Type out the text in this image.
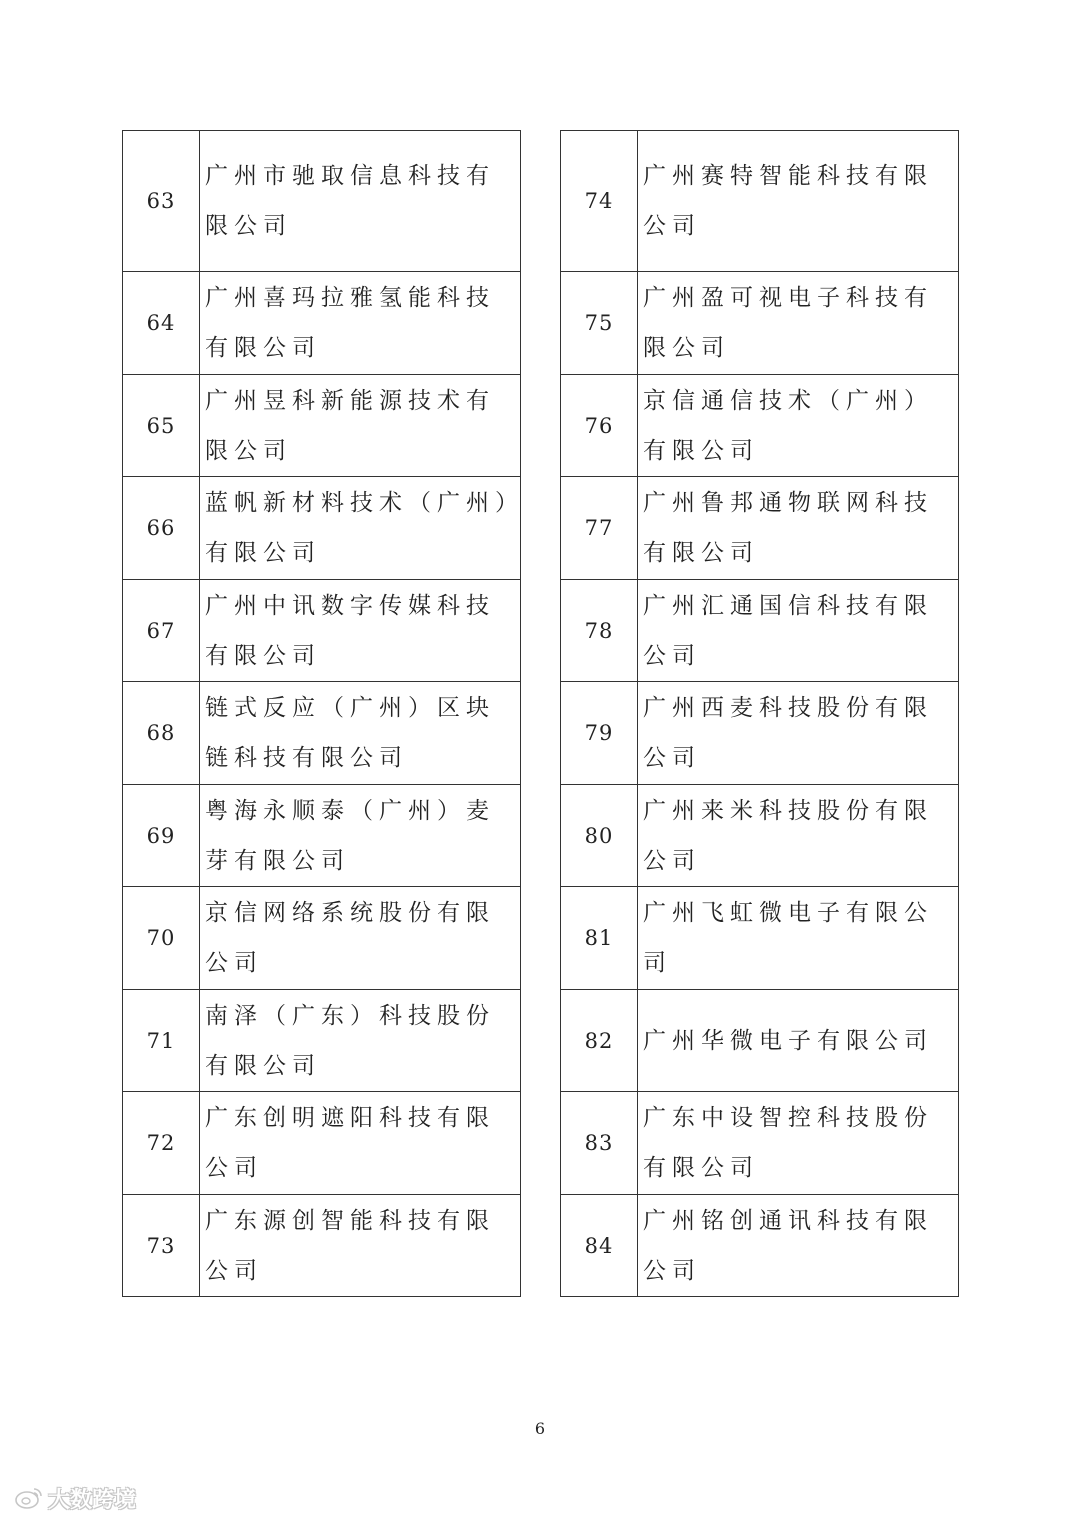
63	广州市驰取信息科技有限公司
64	广州喜玛拉雅氢能科技有限公司
65	广州昱科新能源技术有限公司
66	蓝帆新材料技术（广州）有限公司
67	广州中讯数字传媒科技有限公司
68	链式反应（广州）区块链科技有限公司
69	粤海永顺泰（广州）麦芽有限公司
70	京信网络系统股份有限公司
71	南泽（广东）科技股份有限公司
72	广东创明遮阳科技有限公司
73	广东源创智能科技有限公司
74	广州赛特智能科技有限公司
75	广州盈可视电子科技有限公司
76	京信通信技术（广州）有限公司
77	广州鲁邦通物联网科技有限公司
78	广州汇通国信科技有限公司
79	广州西麦科技股份有限公司
80	广州来米科技股份有限公司
81	广州飞虹微电子有限公司
82	广州华微电子有限公司
83	广东中设智控科技股份有限公司
84	广州铭创通讯科技有限公司
6
大数跨境
